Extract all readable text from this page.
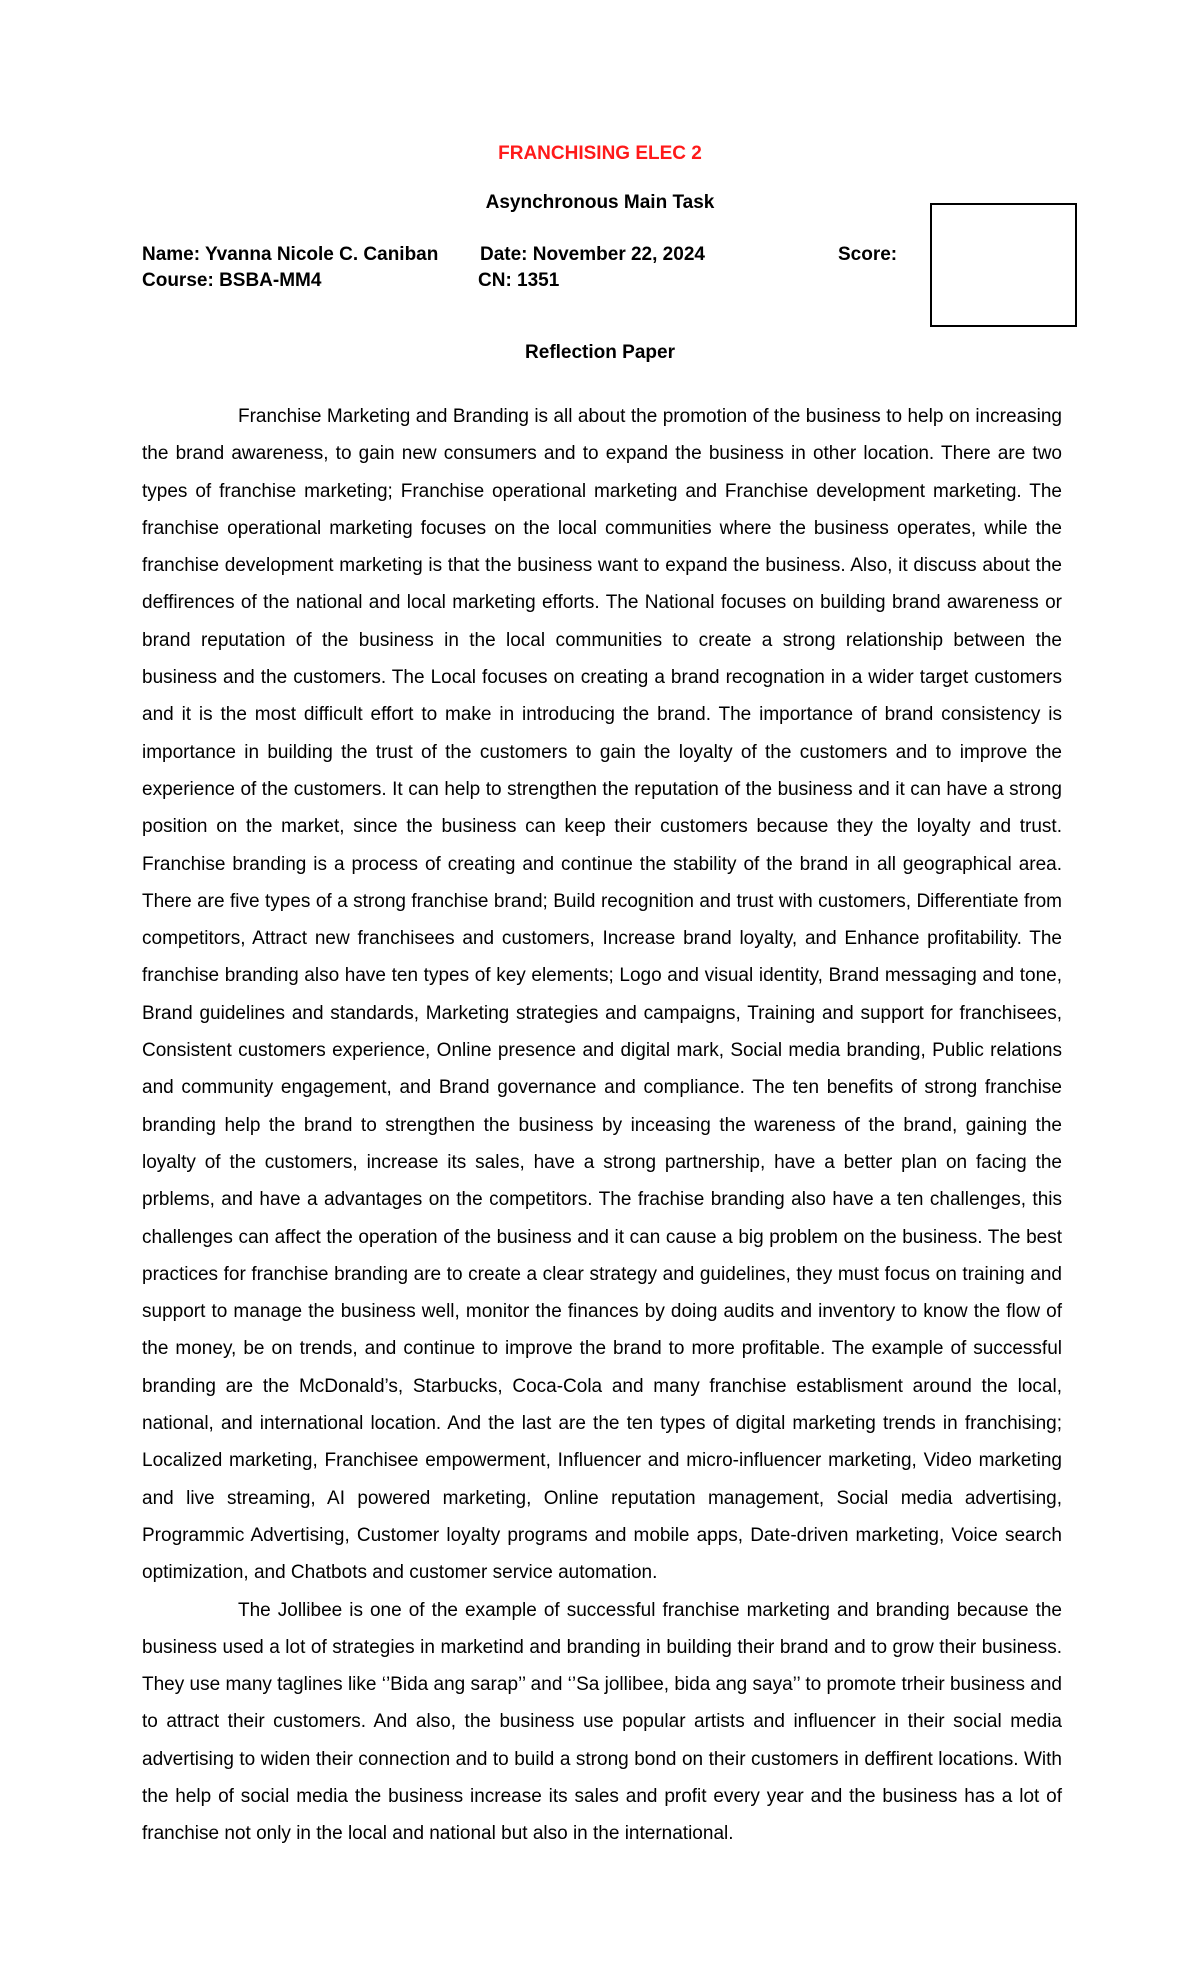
FRANCHISING ELEC 2
Asynchronous Main Task
Name: Yvanna Nicole C. Caniban
Course: BSBA-MM4
Date: November 22, 2024
CN: 1351
Score:
Reflection Paper

Franchise Marketing and Branding is all about the promotion of the business to help on increasing the brand awareness, to gain new consumers and to expand the business in other location. There are two types of franchise marketing; Franchise operational marketing and Franchise development marketing. The franchise operational marketing focuses on the local communities where the business operates, while the franchise development marketing is that the business want to expand the business. Also, it discuss about the deffirences of the national and local marketing efforts. The National focuses on building brand awareness or brand reputation of the business in the local communities to create a strong relationship between the business and the customers. The Local focuses on creating a brand recognation in a wider target customers and it is the most difficult effort to make in introducing the brand. The importance of brand consistency is importance in building the trust of the customers to gain the loyalty of the customers and to improve the experience of the customers. It can help to strengthen the reputation of the business and it can have a strong position on the market, since the business can keep their customers because they the loyalty and trust. Franchise branding is a process of creating and continue the stability of the brand in all geographical area. There are five types of a strong franchise brand; Build recognition and trust with customers, Differentiate from competitors, Attract new franchisees and customers, Increase brand loyalty, and Enhance profitability. The franchise branding also have ten types of key elements; Logo and visual identity, Brand messaging and tone, Brand guidelines and standards, Marketing strategies and campaigns, Training and support for franchisees, Consistent customers experience, Online presence and digital mark, Social media branding, Public relations and community engagement, and Brand governance and compliance. The ten benefits of strong franchise branding help the brand to strengthen the business by inceasing the wareness of the brand, gaining the loyalty of the customers, increase its sales, have a strong partnership, have a better plan on facing the prblems, and have a advantages on the competitors. The frachise branding also have a ten challenges, this challenges can affect the operation of the business and it can cause a big problem on the business. The best practices for franchise branding are to create a clear strategy and guidelines, they must focus on training and support to manage the business well, monitor the finances by doing audits and inventory to know the flow of the money, be on trends, and continue to improve the brand to more profitable. The example of successful branding are the McDonald’s, Starbucks, Coca-Cola and many franchise establisment around the local, national, and international location. And the last are the ten types of digital marketing trends in franchising; Localized marketing, Franchisee empowerment, Influencer and micro-influencer marketing, Video marketing and live streaming, AI powered marketing, Online reputation management, Social media advertising, Programmic Advertising, Customer loyalty programs and mobile apps, Date-driven marketing, Voice search optimization, and Chatbots and customer service automation.

The Jollibee is one of the example of successful franchise marketing and branding because the business used a lot of strategies in marketind and branding in building their brand and to grow their business. They use many taglines like ‘’Bida ang sarap’’ and ‘’Sa jollibee, bida ang saya’’ to promote trheir business and to attract their customers. And also, the business use popular artists and influencer in their social media advertising to widen their connection and to build a strong bond on their customers in deffirent locations. With the help of social media the business increase its sales and profit every year and the business has a lot of franchise not only in the local and national but also in the international.
